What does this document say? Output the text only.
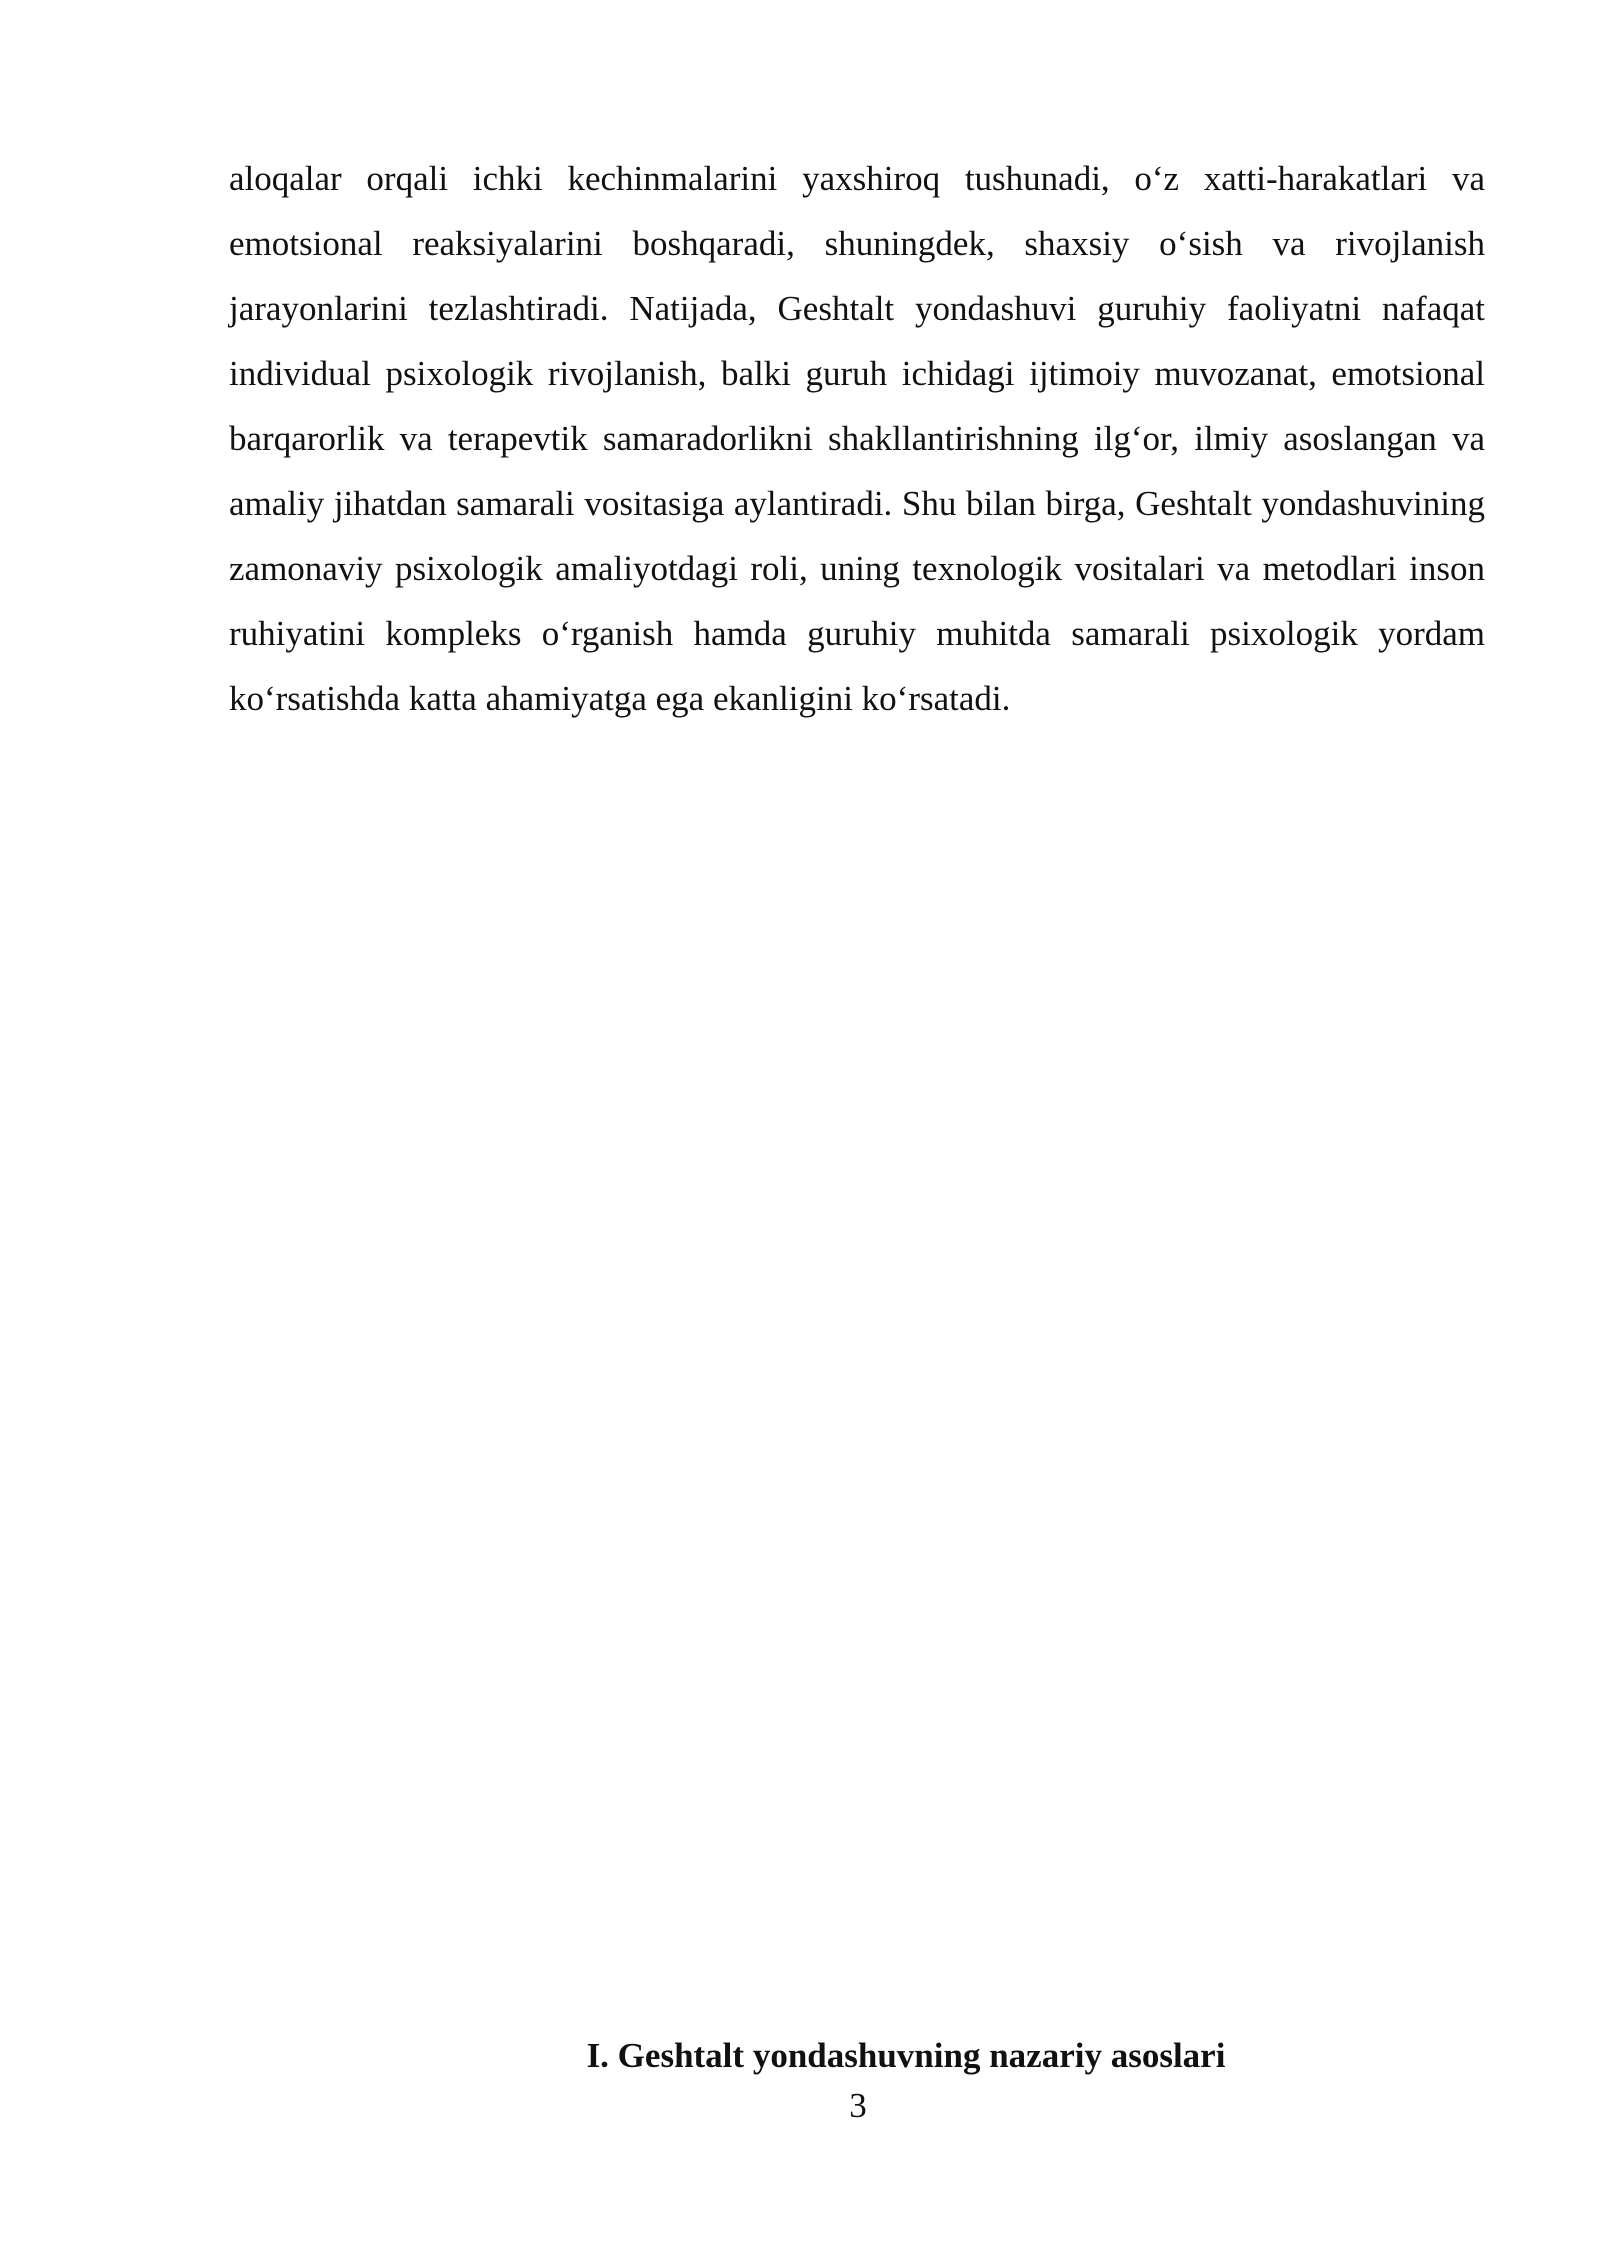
aloqalar orqali ichki kechinmalarini yaxshiroq tushunadi, o‘z xatti-harakatlari va emotsional reaksiyalarini boshqaradi, shuningdek, shaxsiy o‘sish va rivojlanish jarayonlarini tezlashtiradi. Natijada, Geshtalt yondashuvi guruhiy faoliyatni nafaqat individual psixologik rivojlanish, balki guruh ichidagi ijtimoiy muvozanat, emotsional barqarorlik va terapevtik samaradorlikni shakllantirishning ilg‘or, ilmiy asoslangan va amaliy jihatdan samarali vositasiga aylantiradi. Shu bilan birga, Geshtalt yondashuvining zamonaviy psixologik amaliyotdagi roli, uning texnologik vositalari va metodlari inson ruhiyatini kompleks o‘rganish hamda guruhiy muhitda samarali psixologik yordam ko‘rsatishda katta ahamiyatga ega ekanligini ko‘rsatadi.

I. Geshtalt yondashuvning nazariy asoslari
3
